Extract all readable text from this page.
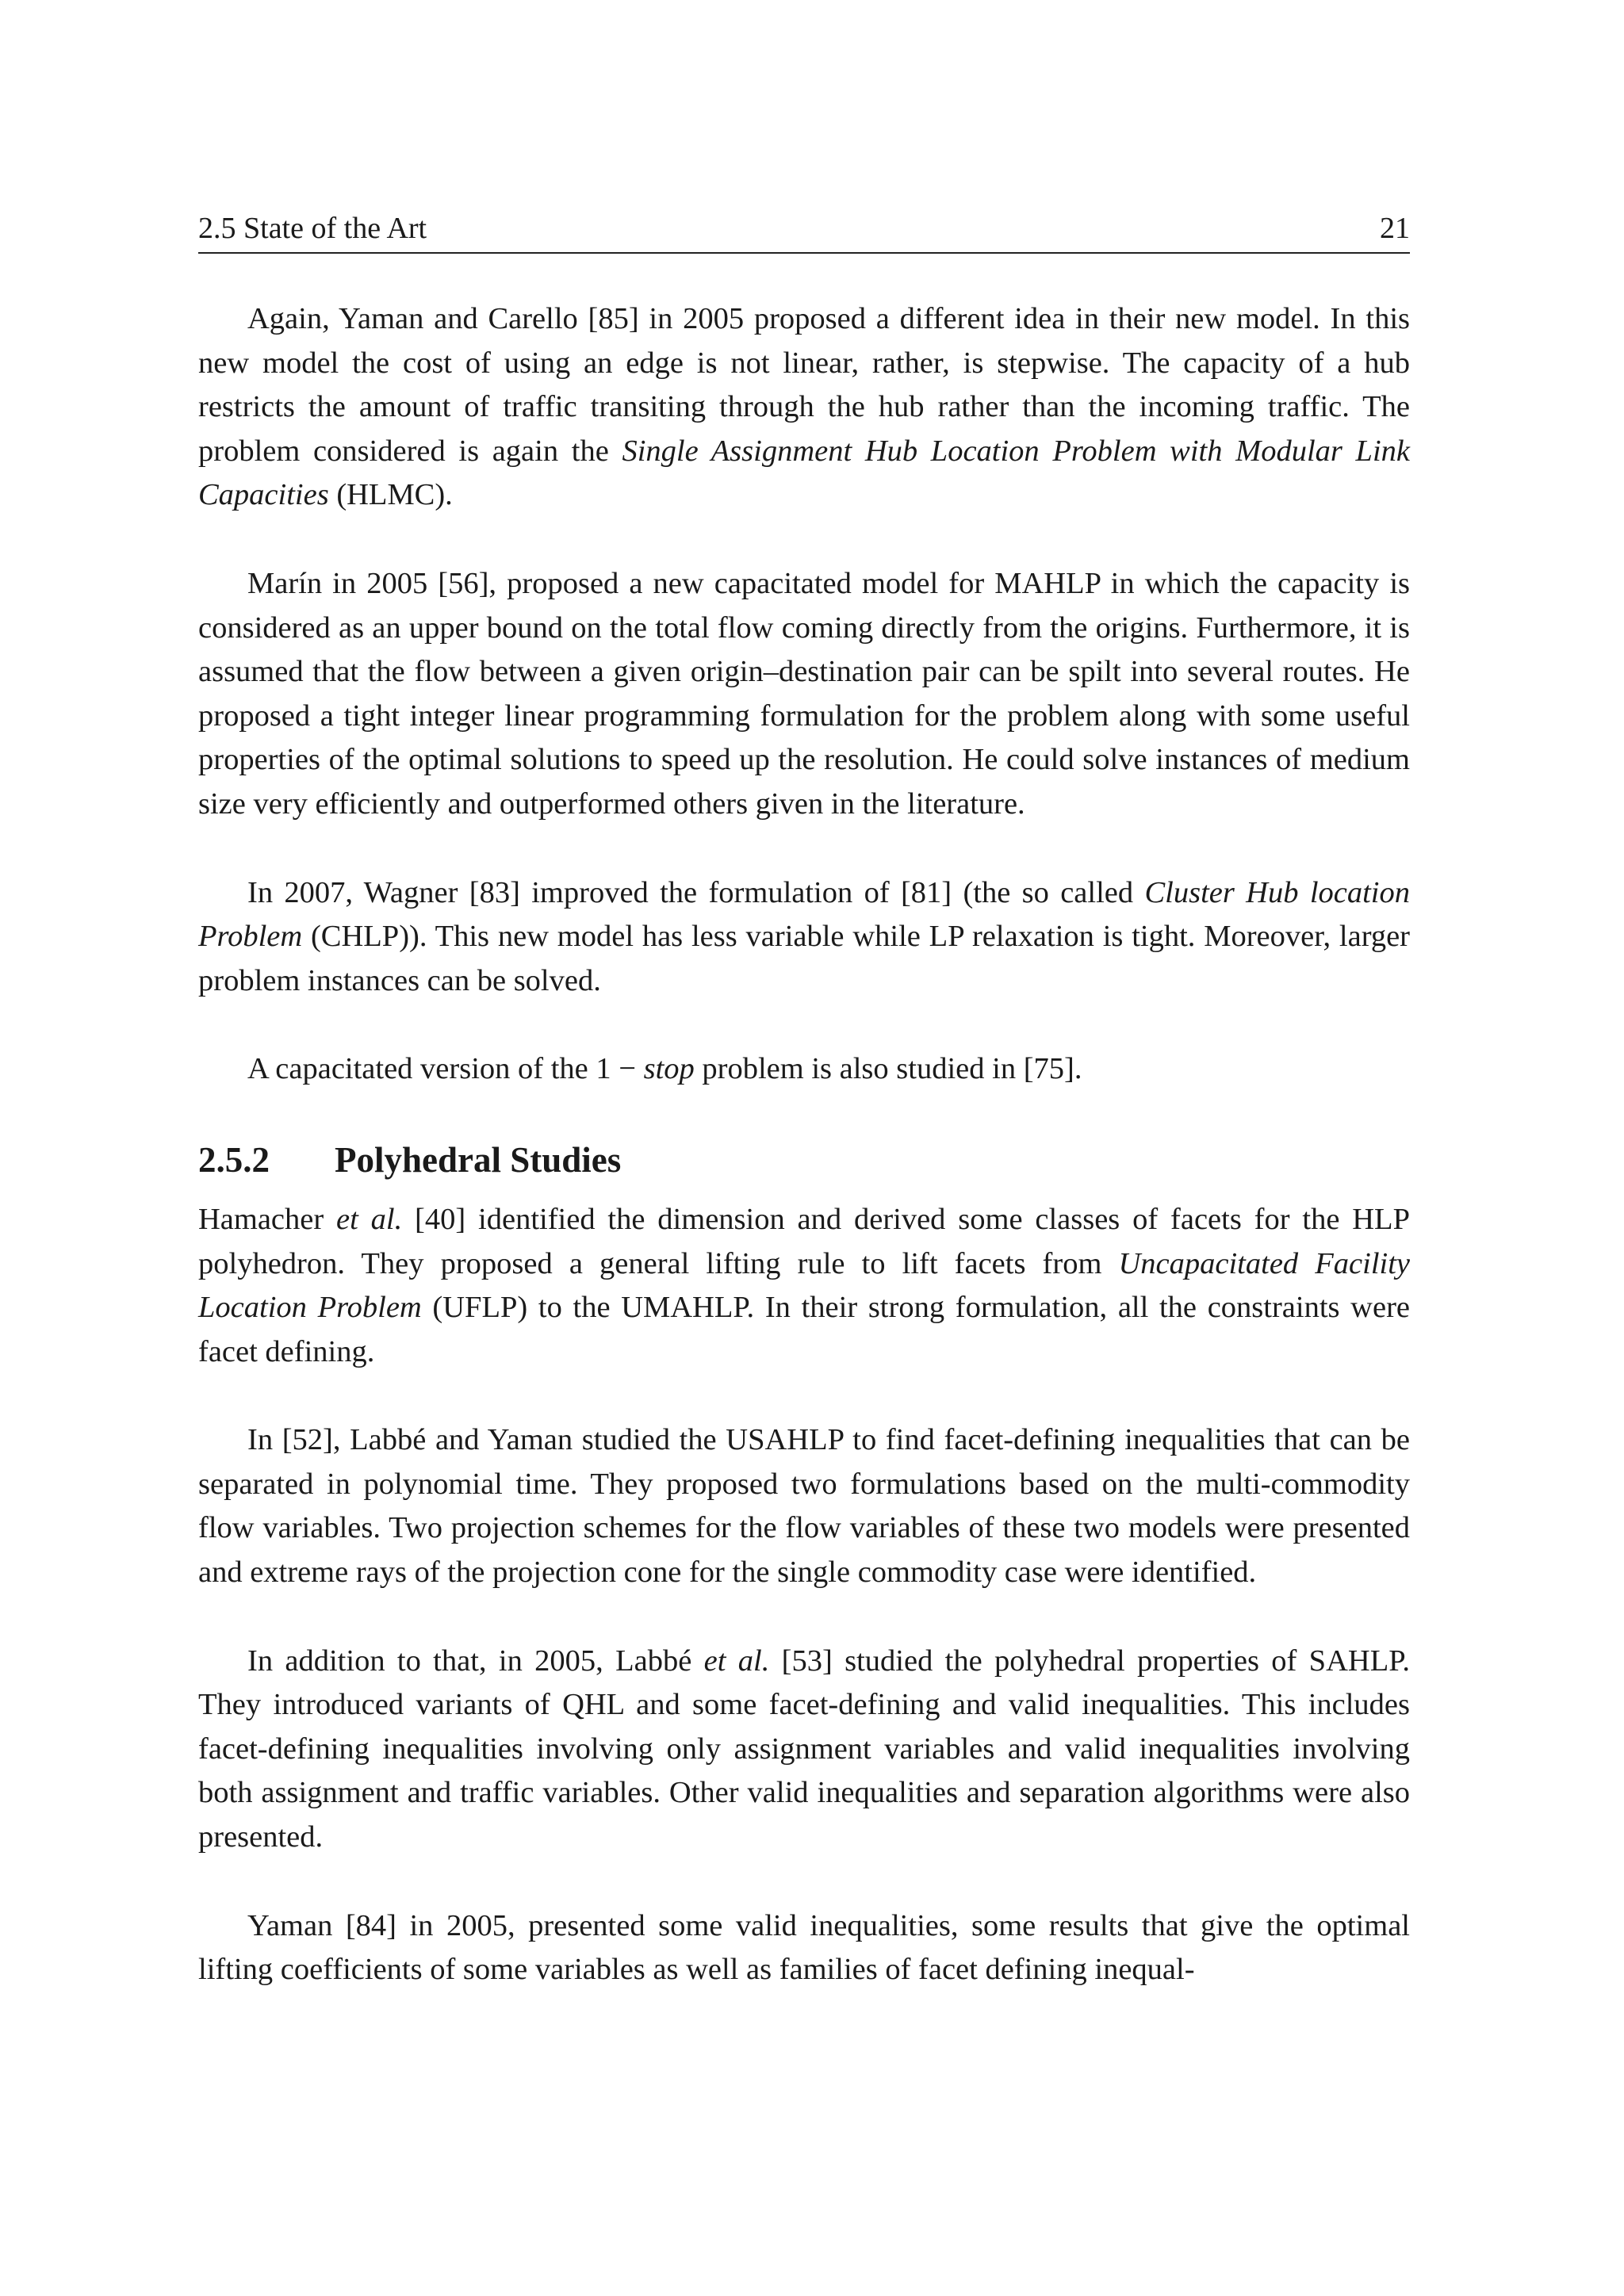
2.5 State of the Art	21

Again, Yaman and Carello [85] in 2005 proposed a different idea in their new model. In this new model the cost of using an edge is not linear, rather, is stepwise. The capacity of a hub restricts the amount of traffic transiting through the hub rather than the incoming traffic. The problem considered is again the Single Assignment Hub Location Problem with Modular Link Capacities (HLMC).

Marín in 2005 [56], proposed a new capacitated model for MAHLP in which the capacity is considered as an upper bound on the total flow coming directly from the origins. Furthermore, it is assumed that the flow between a given origin–destination pair can be spilt into several routes. He proposed a tight integer linear programming formulation for the problem along with some useful properties of the optimal solutions to speed up the resolution. He could solve instances of medium size very efficiently and outperformed others given in the literature.

In 2007, Wagner [83] improved the formulation of [81] (the so called Cluster Hub location Problem (CHLP)). This new model has less variable while LP relaxation is tight. Moreover, larger problem instances can be solved.

A capacitated version of the 1 − stop problem is also studied in [75].

2.5.2 Polyhedral Studies

Hamacher et al. [40] identified the dimension and derived some classes of facets for the HLP polyhedron. They proposed a general lifting rule to lift facets from Uncapacitated Facility Location Problem (UFLP) to the UMAHLP. In their strong formulation, all the constraints were facet defining.

In [52], Labbé and Yaman studied the USAHLP to find facet-defining inequalities that can be separated in polynomial time. They proposed two formulations based on the multi-commodity flow variables. Two projection schemes for the flow variables of these two models were presented and extreme rays of the projection cone for the single commodity case were identified.

In addition to that, in 2005, Labbé et al. [53] studied the polyhedral properties of SAHLP. They introduced variants of QHL and some facet-defining and valid inequalities. This includes facet-defining inequalities involving only assignment variables and valid inequalities involving both assignment and traffic variables. Other valid inequalities and separation algorithms were also presented.

Yaman [84] in 2005, presented some valid inequalities, some results that give the optimal lifting coefficients of some variables as well as families of facet defining inequal-
